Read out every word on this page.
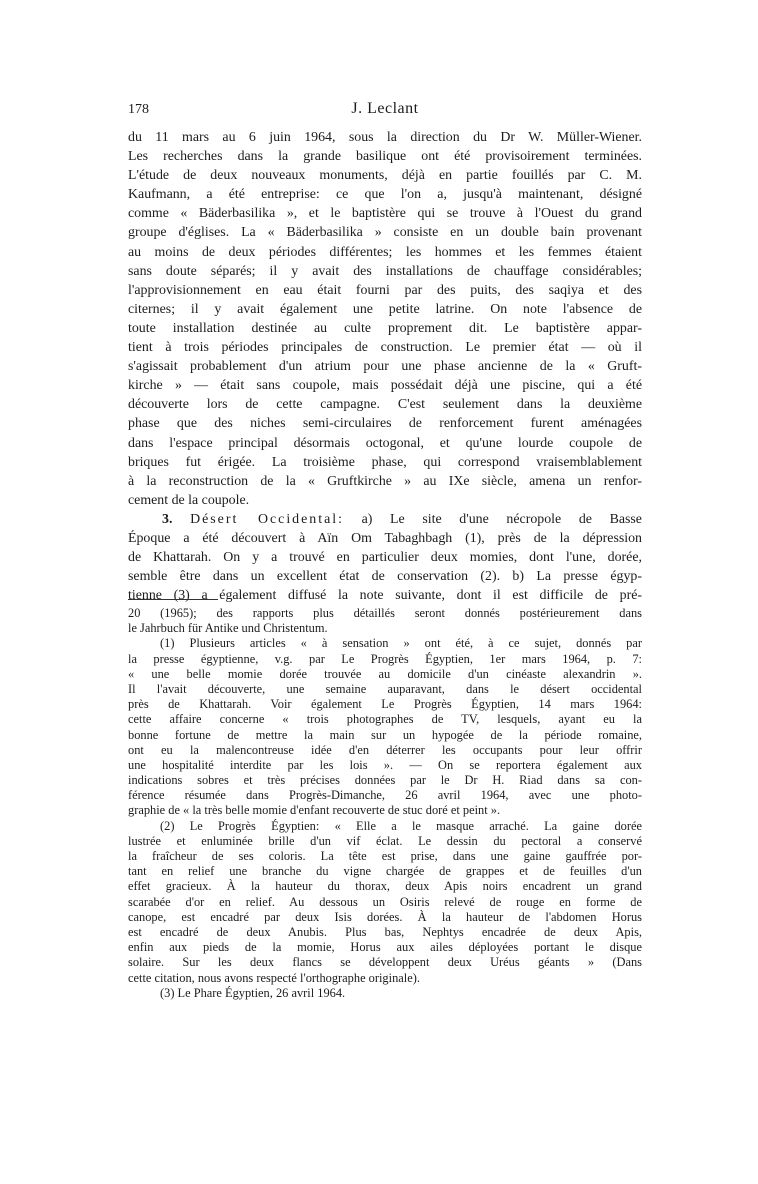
178	J. Leclant
du 11 mars au 6 juin 1964, sous la direction du Dr W. Müller-Wiener.
Les recherches dans la grande basilique ont été provisoirement terminées.
L'étude de deux nouveaux monuments, déjà en partie fouillés par C. M.
Kaufmann, a été entreprise: ce que l'on a, jusqu'à maintenant, désigné
comme « Bäderbasilika », et le baptistère qui se trouve à l'Ouest du grand
groupe d'églises. La « Bäderbasilika » consiste en un double bain provenant
au moins de deux périodes différentes; les hommes et les femmes étaient
sans doute séparés; il y avait des installations de chauffage considérables;
l'approvisionnement en eau était fourni par des puits, des saqiya et des
citernes; il y avait également une petite latrine. On note l'absence de
toute installation destinée au culte proprement dit. Le baptistère appar-
tient à trois périodes principales de construction. Le premier état — où il
s'agissait probablement d'un atrium pour une phase ancienne de la « Gruft-
kirche » — était sans coupole, mais possédait déjà une piscine, qui a été
découverte lors de cette campagne. C'est seulement dans la deuxième
phase que des niches semi-circulaires de renforcement furent aménagées
dans l'espace principal désormais octogonal, et qu'une lourde coupole de
briques fut érigée. La troisième phase, qui correspond vraisemblablement
à la reconstruction de la « Gruftkirche » au IXe siècle, amena un renfor-
cement de la coupole.
3. Désert Occidental: a) Le site d'une nécropole de Basse
Époque a été découvert à Aïn Om Tabaghbagh (1), près de la dépression
de Khattarah. On y a trouvé en particulier deux momies, dont l'une, dorée,
semble être dans un excellent état de conservation (2). b) La presse égyp-
tienne (3) a également diffusé la note suivante, dont il est difficile de pré-
20 (1965); des rapports plus détaillés seront donnés postérieurement dans
le Jahrbuch für Antike und Christentum.
(1) Plusieurs articles « à sensation » ont été, à ce sujet, donnés par
la presse égyptienne, v.g. par Le Progrès Égyptien, 1er mars 1964, p. 7:
« une belle momie dorée trouvée au domicile d'un cinéaste alexandrin ».
Il l'avait découverte, une semaine auparavant, dans le désert occidental
près de Khattarah. Voir également Le Progrès Égyptien, 14 mars 1964:
cette affaire concerne « trois photographes de TV, lesquels, ayant eu la
bonne fortune de mettre la main sur un hypogée de la période romaine,
ont eu la malencontreuse idée d'en déterrer les occupants pour leur offrir
une hospitalité interdite par les lois ». — On se reportera également aux
indications sobres et très précises données par le Dr H. Riad dans sa con-
férence résumée dans Progrès-Dimanche, 26 avril 1964, avec une photo-
graphie de « la très belle momie d'enfant recouverte de stuc doré et peint ».
(2) Le Progrès Égyptien: « Elle a le masque arraché. La gaine dorée
lustrée et enluminée brille d'un vif éclat. Le dessin du pectoral a conservé
la fraîcheur de ses coloris. La tête est prise, dans une gaine gauffrée por-
tant en relief une branche du vigne chargée de grappes et de feuilles d'un
effet gracieux. À la hauteur du thorax, deux Apis noirs encadrent un grand
scarabée d'or en relief. Au dessous un Osiris relevé de rouge en forme de
canope, est encadré par deux Isis dorées. À la hauteur de l'abdomen Horus
est encadré de deux Anubis. Plus bas, Nephtys encadrée de deux Apis,
enfin aux pieds de la momie, Horus aux ailes déployées portant le disque
solaire. Sur les deux flancs se développent deux Uréus géants » (Dans
cette citation, nous avons respecté l'orthographe originale).
(3) Le Phare Égyptien, 26 avril 1964.
